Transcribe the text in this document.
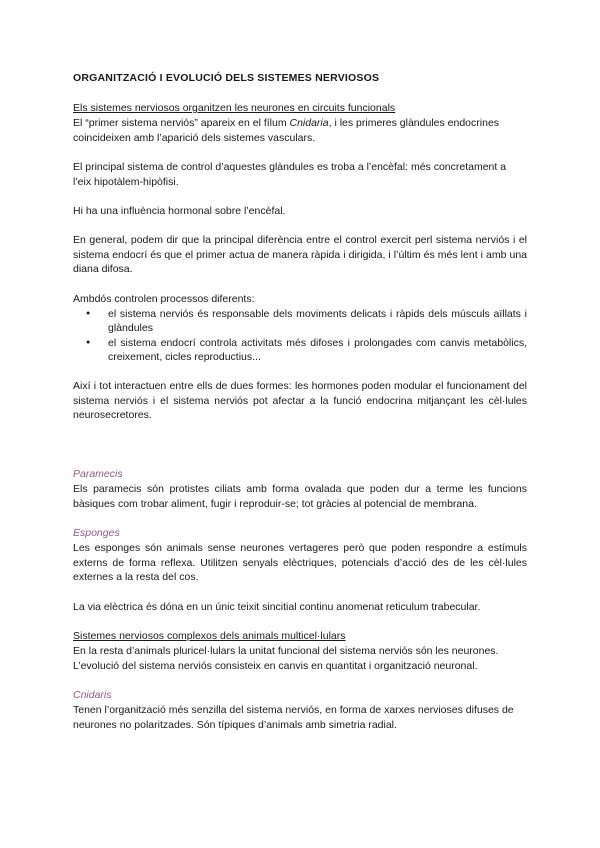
ORGANITZACIÓ I EVOLUCIÓ DELS SISTEMES NERVIOSOS
Els sistemes nerviosos organitzen les neurones en circuits funcionals
El “primer sistema nerviós” apareix en el fílum Cnidaria, i les primeres glàndules endocrines coincideixen amb l’aparició dels sistemes vasculars.
El principal sistema de control d’aquestes glàndules es troba a l’encèfal: més concretament a l’eix hipotàlem-hipòfisi.
Hi ha una influència hormonal sobre l’encèfal.
En general, podem dir que la principal diferència entre el control exercit perl sistema nerviós i el sistema endocrí és que el primer actua de manera ràpida i dirigida, i l’últim és més lent i amb una diana difosa.
Ambdós controlen processos diferents:
● el sistema nerviós és responsable dels moviments delicats i ràpids dels músculs aïllats i glàndules
● el sistema endocrí controla activitats més difoses i prolongades com canvis metabòlics, creixement, cicles reproductius...
Així i tot interactuen entre ells de dues formes: les hormones poden modular el funcionament del sistema nerviós i el sistema nerviós pot afectar a la funció endocrina mitjançant les cèl·lules neurosecretores.
Paramecis
Els paramecis són protistes ciliats amb forma ovalada que poden dur a terme les funcions bàsiques com trobar aliment, fugir i reproduir-se; tot gràcies al potencial de membrana.
Esponges
Les esponges són animals sense neurones vertageres però que poden respondre a estímuls externs de forma reflexa. Utilitzen senyals elèctriques, potencials d’acció des de les cèl·lules externes a la resta del cos.
La via elèctrica és dóna en un únic teixit sincitial continu anomenat reticulum trabecular.
Sistemes nerviosos complexos dels animals multicel·lulars
En la resta d’animals pluricel·lulars la unitat funcional del sistema nerviós són les neurones. L’evolució del sistema nerviós consisteix en canvis en quantitat i organització neuronal.
Cnidaris
Tenen l’organització més senzilla del sistema nerviós, en forma de xarxes nervioses difuses de neurones no polaritzades. Són típiques d’animals amb simetria radial.
